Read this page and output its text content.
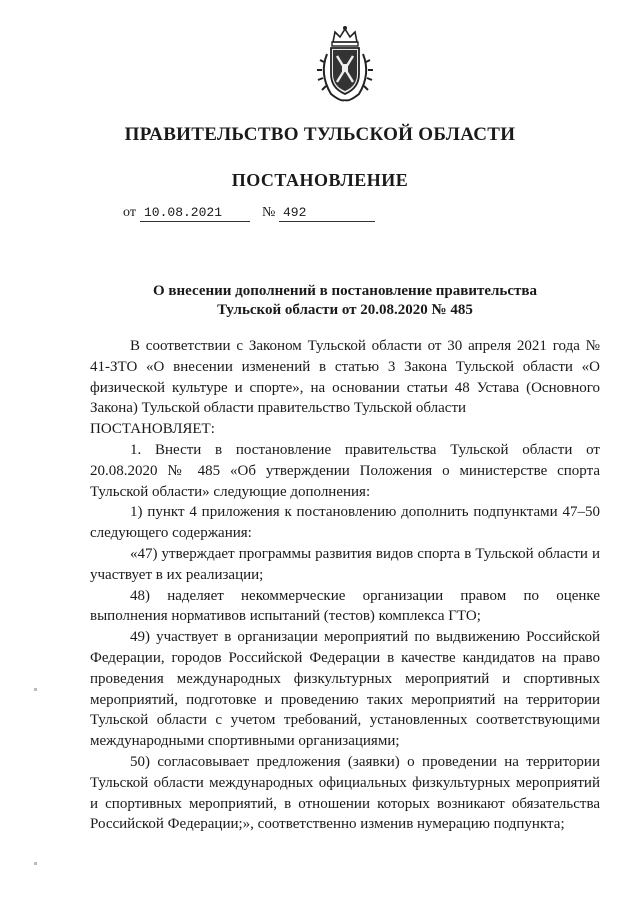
ПРАВИТЕЛЬСТВО ТУЛЬСКОЙ ОБЛАСТИ
ПОСТАНОВЛЕНИЕ
от 10.08.2021	№ 492
О внесении дополнений в постановление правительства
Тульской области от 20.08.2020 № 485

В соответствии с Законом Тульской области от 30 апреля 2021 года № 41-ЗТО «О внесении изменений в статью 3 Закона Тульской области «О физической культуре и спорте», на основании статьи 48 Устава (Основного Закона) Тульской области правительство Тульской области

ПОСТАНОВЛЯЕТ:

1. Внести в постановление правительства Тульской области от 20.08.2020 № 485 «Об утверждении Положения о министерстве спорта Тульской области» следующие дополнения:

1) пункт 4 приложения к постановлению дополнить подпунктами 47–50 следующего содержания:

«47) утверждает программы развития видов спорта в Тульской области и участвует в их реализации;

48) наделяет некоммерческие организации правом по оценке выполнения нормативов испытаний (тестов) комплекса ГТО;

49) участвует в организации мероприятий по выдвижению Российской Федерации, городов Российской Федерации в качестве кандидатов на право проведения международных физкультурных мероприятий и спортивных мероприятий, подготовке и проведению таких мероприятий на территории Тульской области с учетом требований, установленных соответствующими международными спортивными организациями;

50) согласовывает предложения (заявки) о проведении на территории Тульской области международных официальных физкультурных мероприятий и спортивных мероприятий, в отношении которых возникают обязательства Российской Федерации;», соответственно изменив нумерацию подпункта;
